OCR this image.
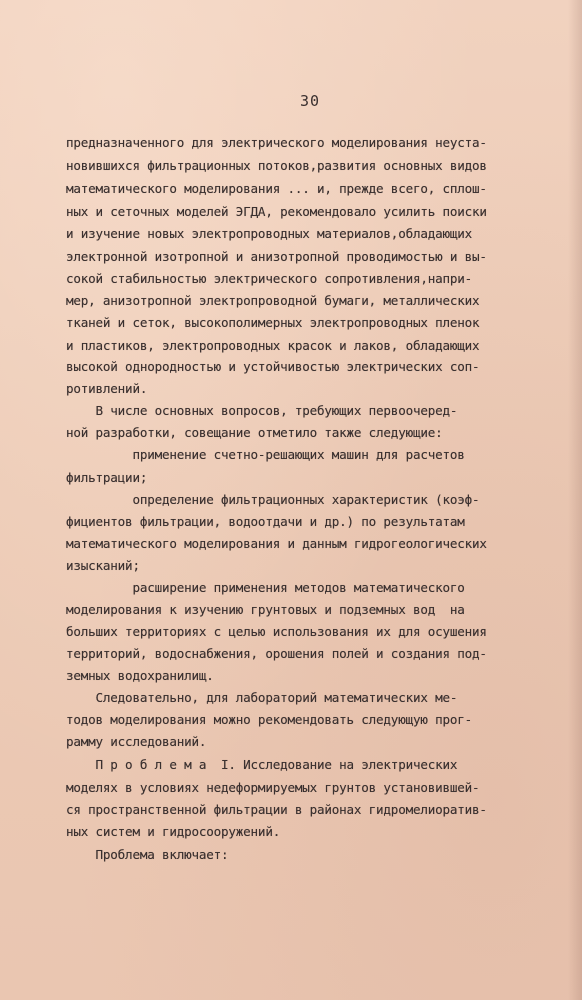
30
предназначенного для электрического моделирования неуста-
новившихся фильтрационных потоков,развития основных видов
математического моделирования ... и, прежде всего, сплош-
ных и сеточных моделей ЭГДА, рекомендовало усилить поиски
и изучение новых электропроводных материалов,обладающих
электронной изотропной и анизотропной проводимостью и вы-
сокой стабильностью электрического сопротивления,напри-
мер, анизотропной электропроводной бумаги, металлических
тканей и сеток, высокополимерных электропроводных пленок
и пластиков, электропроводных красок и лаков, обладающих
высокой однородностью и устойчивостью электрических соп-
ротивлений.
В числе основных вопросов, требующих первоочеред-
ной разработки, совещание отметило также следующие:
применение счетно-решающих машин для расчетов
фильтрации;
определение фильтрационных характеристик (коэф-
фициентов фильтрации, водоотдачи и др.) по результатам
математического моделирования и данным гидрогеологических
изысканий;
расширение применения методов математического
моделирования к изучению грунтовых и подземных вод  на
больших территориях с целью использования их для осушения
территорий, водоснабжения, орошения полей и создания под-
земных водохранилищ.
Следовательно, для лабораторий математических ме-
тодов моделирования можно рекомендовать следующую прог-
рамму исследований.
П р о б л е м а  I. Исследование на электрических
моделях в условиях недеформируемых грунтов установившей-
ся пространственной фильтрации в районах гидромелиоратив-
ных систем и гидросооружений.
Проблема включает:
